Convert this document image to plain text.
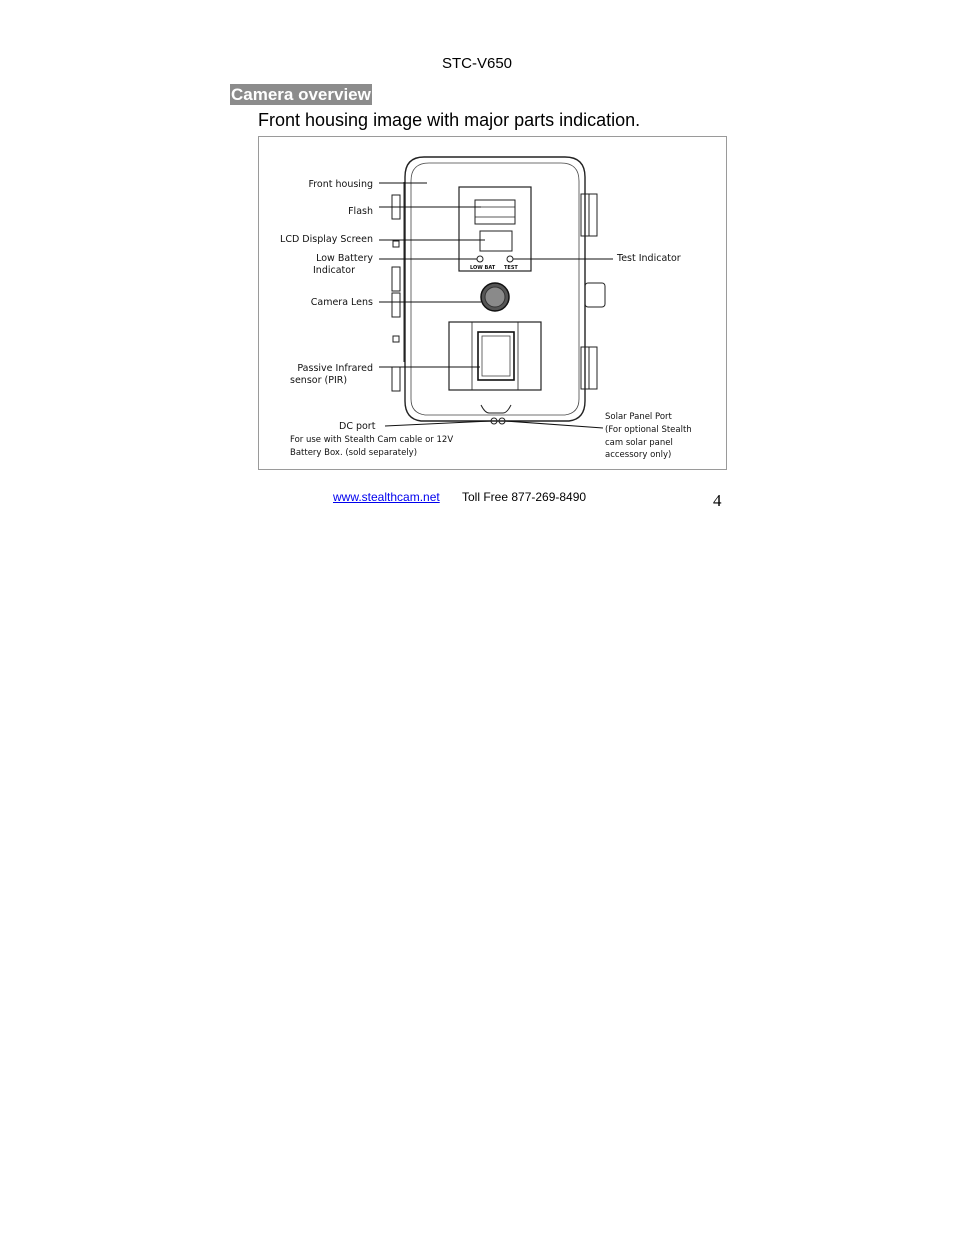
STC-V650
Camera overview
Front housing image with major parts indication.
LOW BAT TEST
Front housing
Flash
LCD Display Screen
Low Battery
Indicator
Camera Lens
Passive Infrared
sensor (PIR)
Test Indicator
DC port
For use with Stealth Cam cable or 12V
Battery Box. (sold separately)
Solar Panel Port
(For optional Stealth
cam solar panel
accessory only)
www.stealthcam.net Toll Free 877-269-8490	4
